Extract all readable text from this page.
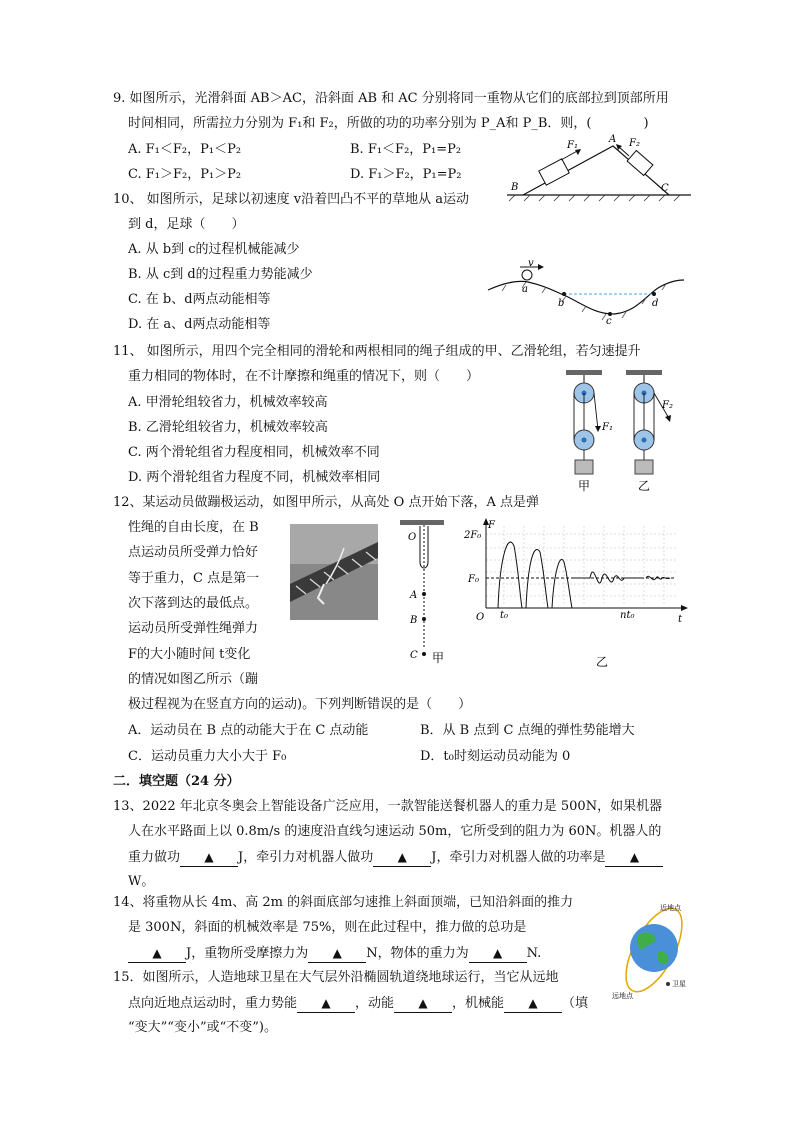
9. 如图所示，光滑斜面 AB＞AC，沿斜面 AB 和 AC 分别将同一重物从它们的底部拉到顶部所用
时间相同，所需拉力分别为 F₁和 F₂，所做的功的功率分别为 P_A和 P_B．则，(　　　　)
A. F₁＜F₂，P₁＜P₂	B. F₁＜F₂，P₁=P₂
C. F₁＞F₂，P₁＞P₂	D. F₁＞F₂，P₁=P₂
B
A
C
F₁	F₂
10、 如图所示，足球以初速度 v沿着凹凸不平的草地从 a运动
到 d，足球（　　）
A. 从 b到 c的过程机械能减少
B. 从 c到 d的过程重力势能减少
C. 在 b、d两点动能相等
D. 在 a、d两点动能相等
v
a
b
c
d
11、 如图所示，用四个完全相同的滑轮和两根相同的绳子组成的甲、乙滑轮组，若匀速提升
重力相同的物体时，在不计摩擦和绳重的情况下，则（　　）
A. 甲滑轮组较省力，机械效率较高
B. 乙滑轮组较省力，机械效率较高
C. 两个滑轮组省力程度相同，机械效率不同
D. 两个滑轮组省力程度不同，机械效率相同
F₁
F₂
甲	乙
12、某运动员做蹦极运动，如图甲所示，从高处 O 点开始下落，A 点是弹
性绳的自由长度，在 B
点运动员所受弹力恰好
等于重力，C 点是第一
次下落到达的最低点。
运动员所受弹性绳弹力
F的大小随时间 t变化
的情况如图乙所示（蹦
极过程视为在竖直方向的运动)。下列判断错误的是（　　）
A．运动员在 B 点的动能大于在 C 点动能	B．从 B 点到 C 点绳的弹性势能增大
C．运动员重力大小大于 F₀	D．t₀时刻运动员动能为 0
O
A
B
C 甲
F
t
2F₀
F₀
t₀	nt₀
O
乙
二．填空题（24 分）
13、2022 年北京冬奥会上智能设备广泛应用，一款智能送餐机器人的重力是 500N，如果机器
人在水平路面上以 0.8m/s 的速度沿直线匀速运动 50m，它所受到的阻力为 60N。机器人的
重力做功 ▲ J，牵引力对机器人做功 ▲ J，牵引力对机器人做的功率是 ▲
W。
14、将重物从长 4m、高 2m 的斜面底部匀速推上斜面顶端，已知沿斜面的推力
是 300N，斜面的机械效率是 75%，则在此过程中，推力做的总功是
▲ J，重物所受摩擦力为 ▲ N，物体的重力为 ▲ N.
15．如图所示，人造地球卫星在大气层外沿椭圆轨道绕地球运行，当它从远地
点向近地点运动时，重力势能 ▲ ，动能 ▲ ，机械能 ▲ （填
“变大”“变小”或“不变”)。
近地点
卫星
远地点
